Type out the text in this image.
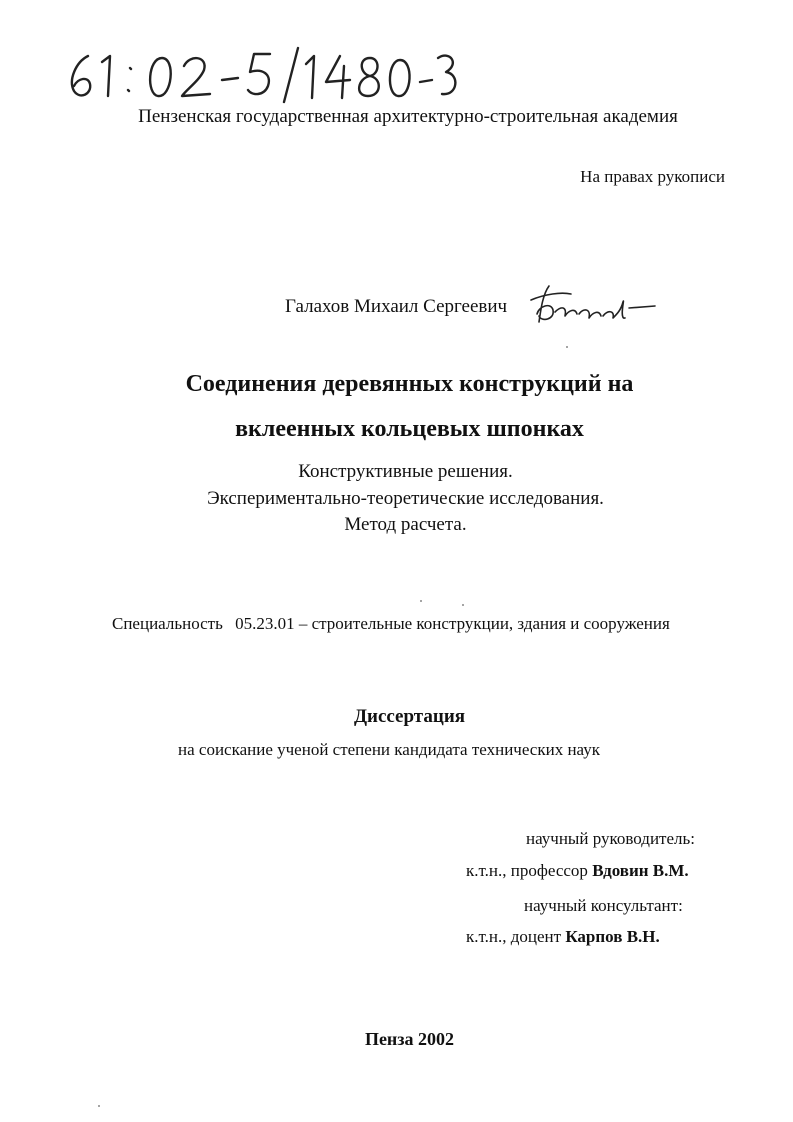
Пензенская государственная архитектурно-строительная академия
На правах рукописи
Галахов Михаил Сергеевич
Соединения деревянных конструкций на
вклеенных кольцевых шпонках
Конструктивные решения.
Экспериментально-теоретические исследования.
Метод расчета.
Специальность 05.23.01 – строительные конструкции, здания и сооружения
Диссертация
на соискание ученой степени кандидата технических наук
научный руководитель:
к.т.н., профессор Вдовин В.М.
научный консультант:
к.т.н., доцент Карпов В.Н.
Пенза 2002
